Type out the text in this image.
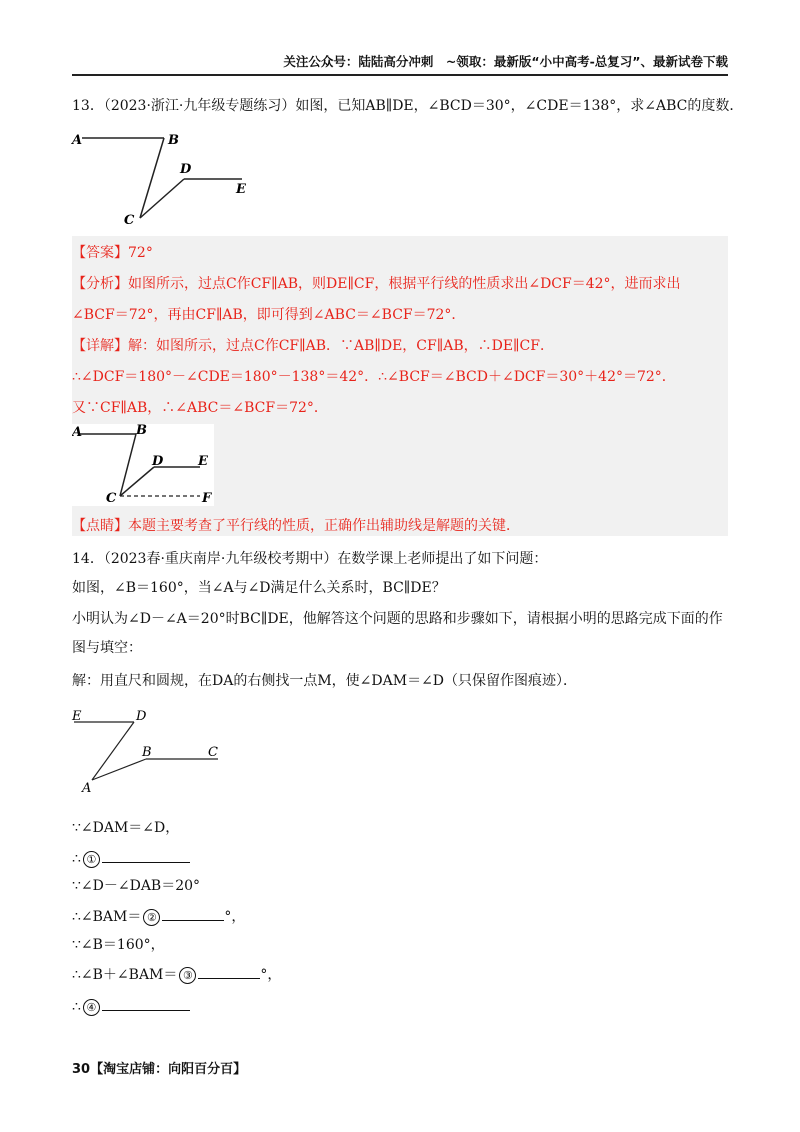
关注公众号：陆陆高分冲刺　~领取：最新版“小中高考-总复习”、最新试卷下载
13．（2023·浙江·九年级专题练习）如图，已知AB∥DE，∠BCD＝30°，∠CDE＝138°，求∠ABC的度数．
A	B
D
E
C
【答案】72°
【分析】如图所示，过点C作CF∥AB，则DE∥CF，根据平行线的性质求出∠DCF＝42°，进而求出
∠BCF＝72°，再由CF∥AB，即可得到∠ABC＝∠BCF＝72°．
【详解】解：如图所示，过点C作CF∥AB．∵AB∥DE，CF∥AB，∴DE∥CF．
∴∠DCF＝180°－∠CDE＝180°－138°＝42°．∴∠BCF＝∠BCD＋∠DCF＝30°＋42°＝72°．
又∵CF∥AB，∴∠ABC＝∠BCF＝72°．
A	B
D	E
C	F
【点睛】本题主要考查了平行线的性质，正确作出辅助线是解题的关键．
14．（2023春·重庆南岸·九年级校考期中）在数学课上老师提出了如下问题：
如图，∠B＝160°，当∠A与∠D满足什么关系时，BC∥DE？
小明认为∠D－∠A＝20°时BC∥DE，他解答这个问题的思路和步骤如下，请根据小明的思路完成下面的作
图与填空：
解：用直尺和圆规，在DA的右侧找一点M，使∠DAM＝∠D（只保留作图痕迹）．
E	D
B	C
A
∵∠DAM＝∠D，
∴ ①
∵∠D－∠DAB＝20°
∴∠BAM＝ ②	°，
∵∠B＝160°，
∴∠B＋∠BAM＝ ③	°，
∴ ④
30【淘宝店铺：向阳百分百】
